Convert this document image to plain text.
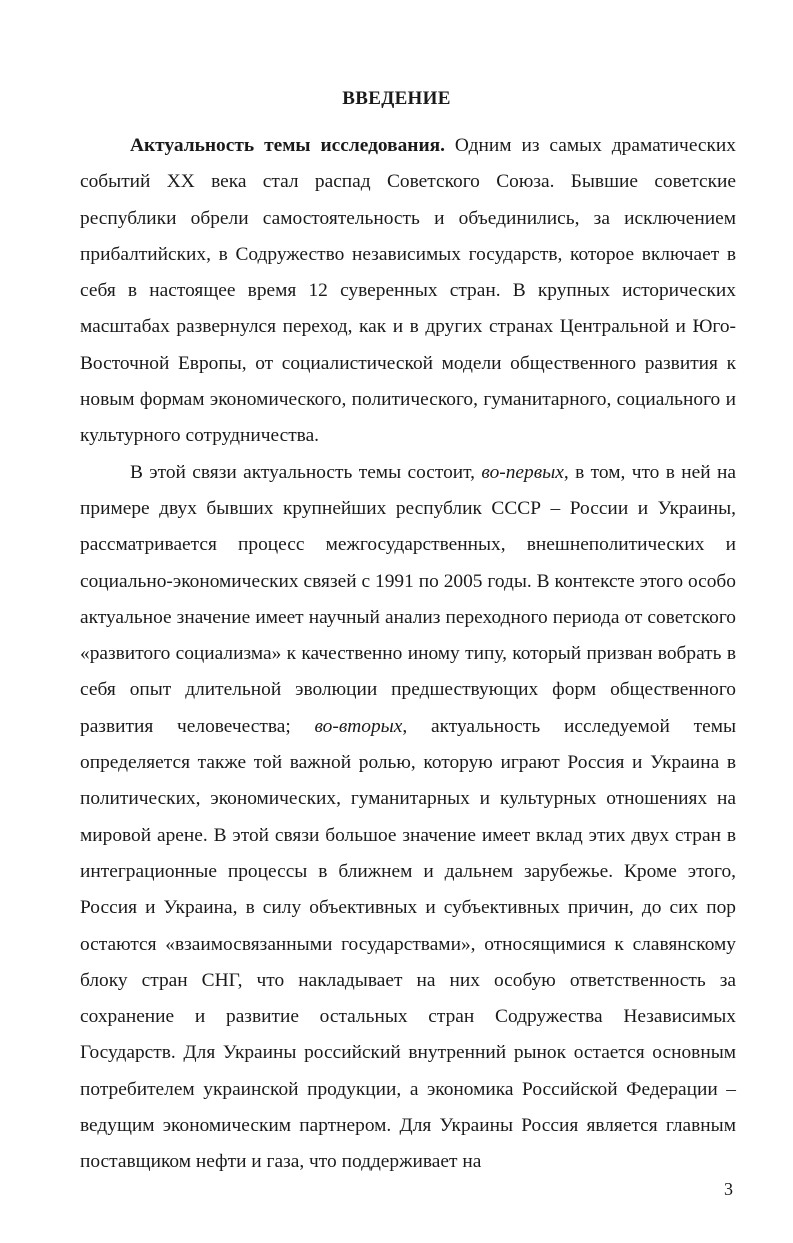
ВВЕДЕНИЕ

Актуальность темы исследования. Одним из самых драматических событий XX века стал распад Советского Союза. Бывшие советские республики обрели самостоятельность и объединились, за исключением прибалтийских, в Содружество независимых государств, которое включает в себя в настоящее время 12 суверенных стран. В крупных исторических масштабах развернулся переход, как и в других странах Центральной и Юго-Восточной Европы, от социалистической модели общественного развития к новым формам экономического, политического, гуманитарного, социального и культурного сотрудничества.

В этой связи актуальность темы состоит, во-первых, в том, что в ней на примере двух бывших крупнейших республик СССР – России и Украины, рассматривается процесс межгосударственных, внешнеполитических и социально-экономических связей с 1991 по 2005 годы. В контексте этого особо актуальное значение имеет научный анализ переходного периода от советского «развитого социализма» к качественно иному типу, который призван вобрать в себя опыт длительной эволюции предшествующих форм общественного развития человечества; во-вторых, актуальность исследуемой темы определяется также той важной ролью, которую играют Россия и Украина в политических, экономических, гуманитарных и культурных отношениях на мировой арене. В этой связи большое значение имеет вклад этих двух стран в интеграционные процессы в ближнем и дальнем зарубежье. Кроме этого, Россия и Украина, в силу объективных и субъективных причин, до сих пор остаются «взаимосвязанными государствами», относящимися к славянскому блоку стран СНГ, что накладывает на них особую ответственность за сохранение и развитие остальных стран Содружества Независимых Государств. Для Украины российский внутренний рынок остается основным потребителем украинской продукции, а экономика Российской Федерации – ведущим экономическим партнером. Для Украины Россия является главным поставщиком нефти и газа, что поддерживает на

3
